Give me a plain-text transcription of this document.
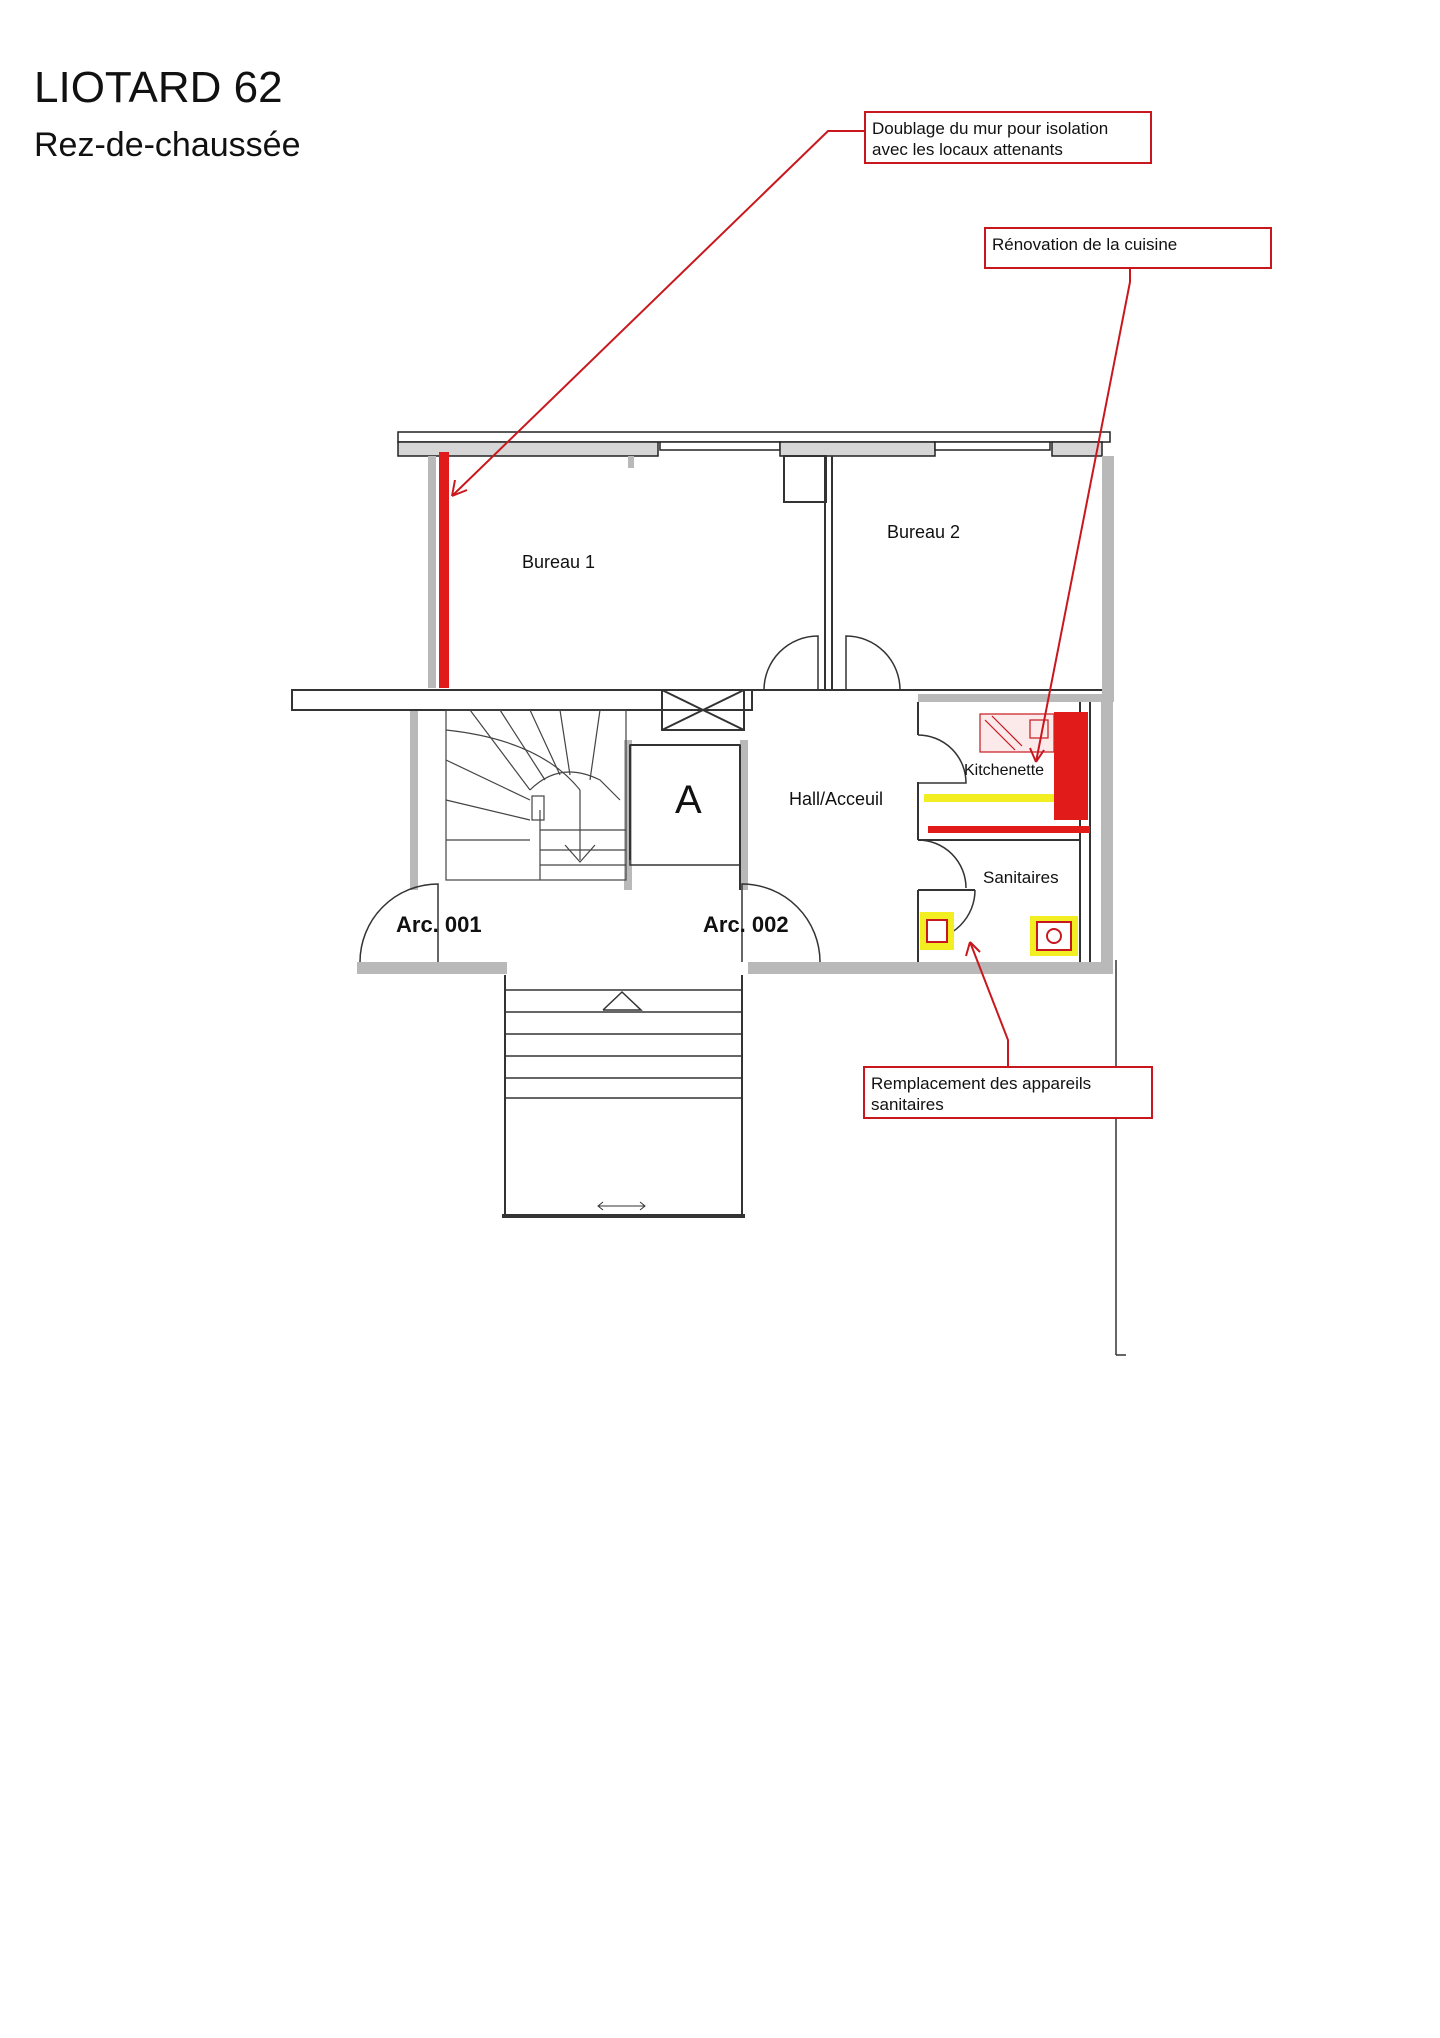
LIOTARD 62
Rez-de-chaussée	Doublage du mur pour isolation
avec les locaux attenants
Rénovation de la cuisine
Remplacement des appareils
sanitaires
Bureau 1
Bureau 2
Hall/Acceuil
Kitchenette
Sanitaires
A
Arc. 001	Arc. 002
